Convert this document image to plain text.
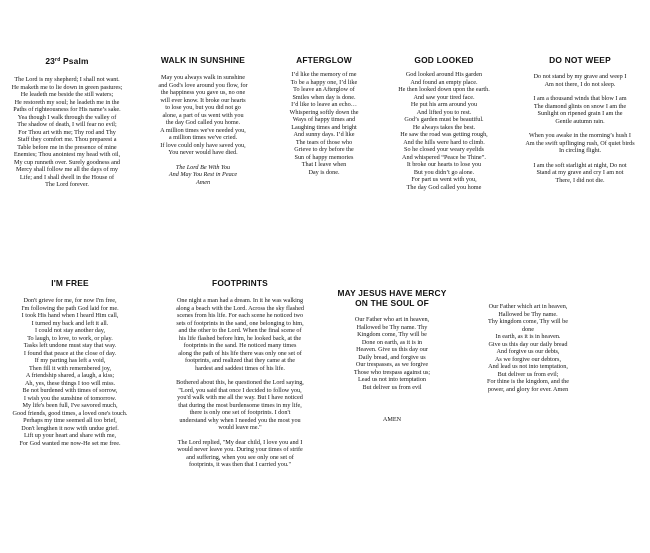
23rd Psalm

The Lord is my shepherd; I shall not want.
He maketh me to lie down in green pastures;
He leadeth me beside the still waters;
He restoreth my soul; he leadeth me in the
Paths of righteousness for His name’s sake.
Yea though I walk through the valley of
The shadow of death, I will fear no evil;
For Thou art with me; Thy rod and Thy
Staff they comfort me. Thou preparest a
Table before me in the presence of mine
Enemies; Thou anointest my head with oil,
My cup runneth over. Surely goodness and
Mercy shall follow me all the days of my
Life; and I shall dwell in the House of
The Lord forever.

WALK IN SUNSHINE

May you always walk in sunshine
and God's love around you flow, for
the happiness you gave us, no one
will ever know. It broke our hearts
to lose you, but you did not go
alone, a part of us went with you
the day God called you home.
A million times we've needed you,
a million times we've cried.
If love could only have saved you,
You never would have died.

The Lord Be With You
And May You Rest in Peace
Amen

AFTERGLOW

I’d like the memory of me
To be a happy one, I’d like
To leave an Afterglow of
Smiles when day is done.
I’d like to leave an echo…
Whispering softly down the
Ways of happy times and
Laughing times and bright
And sunny days. I’d like
The tears of those who
Grieve to dry before the
Sun of happy memories
That I leave when
Day is done.

GOD LOOKED

God looked around His garden
And found an empty place.
He then looked down upon the earth.
And saw your tired face.
He put his arm around you
And lifted you to rest.
God’s garden must be beautiful.
He always takes the best.
He saw the road was getting rough,
And the hills were hard to climb.
So he closed your weary eyelids
And whispered “Peace be Thine”.
It broke our hearts to lose you
But you didn’t go alone.
For part us went with you,
The day God called you home

DO NOT WEEP

Do not stand by my grave and weep I
Am not there, I do not sleep.

I am a thousand winds that blow I am
The diamond glints on snow I am the
Sunlight on ripened grain I am the
Gentle autumn rain.

When you awake in the morning’s hush I
Am the swift upflinging rush, Of quiet birds
In circling flight.

I am the soft starlight at night, Do not
Stand at my grave and cry I am not
There, I did not die.

I'M FREE

Don't grieve for me, for now I'm free,
I'm following the path God laid for me.
I took His hand when I heard Him call,
I turned my back and left it all.
I could not stay another day,
To laugh, to love, to work, or play.
Tasks left undone must stay that way.
I found that peace at the close of day.
If my parting has left a void,
Then fill it with remembered joy,
A friendship shared, a laugh, a kiss;
Ah, yes, these things I too will miss.
Be not burdened with times of sorrow,
I wish you the sunshine of tomorrow.
My life's been full, I've savored much,
Good friends, good times, a loved one's touch.
Perhaps my time seemed all too brief,
Don't lengthen it now with undue grief.
Lift up your heart and share with me,
For God wanted me now-He set me free.

FOOTPRINTS

One night a man had a dream. In it he was walking
along a beach with the Lord. Across the sky flashed
scenes from his life. For each scene he noticed two
sets of footprints in the sand, one belonging to him,
and the other to the Lord. When the final scene of
his life flashed before him, he looked back, at the
footprints in the sand. He noticed many times
along the path of his life there was only one set of
footprints, and realized that they came at the
hardest and saddest times of his life.

Bothered about this, he questioned the Lord saying,
"Lord, you said that once I decided to follow you,
you'd walk with me all the way. But I have noticed
that during the most burdensome times in my life,
there is only one set of footprints. I don't
understand why when I needed you the most you
would leave me."

The Lord replied, "My dear child, I love you and I
would never leave you. During your times of strife
and suffering, when you see only one set of
footprints, it was then that I carried you."

MAY JESUS HAVE MERCY
ON THE SOUL OF

Our Father who art in heaven,
Hallowed be Thy name. Thy
Kingdom come, Thy will be
Done on earth, as it is in
Heaven. Give us this day our
Daily bread, and forgive us
Our trespasses, as we forgive
Those who trespass against us;
Lead us not into temptation
But deliver us from evil

AMEN

Our Father which art in heaven,
Hallowed be Thy name.
Thy kingdom come, Thy will be
done
In earth, as it is in heaven.
Give us this day our daily bread
And forgive us our debts,
As we forgive our debtors,
And lead us not into temptation,
But deliver us from evil;
For thine is the kingdom, and the
power, and glory for ever. Amen
